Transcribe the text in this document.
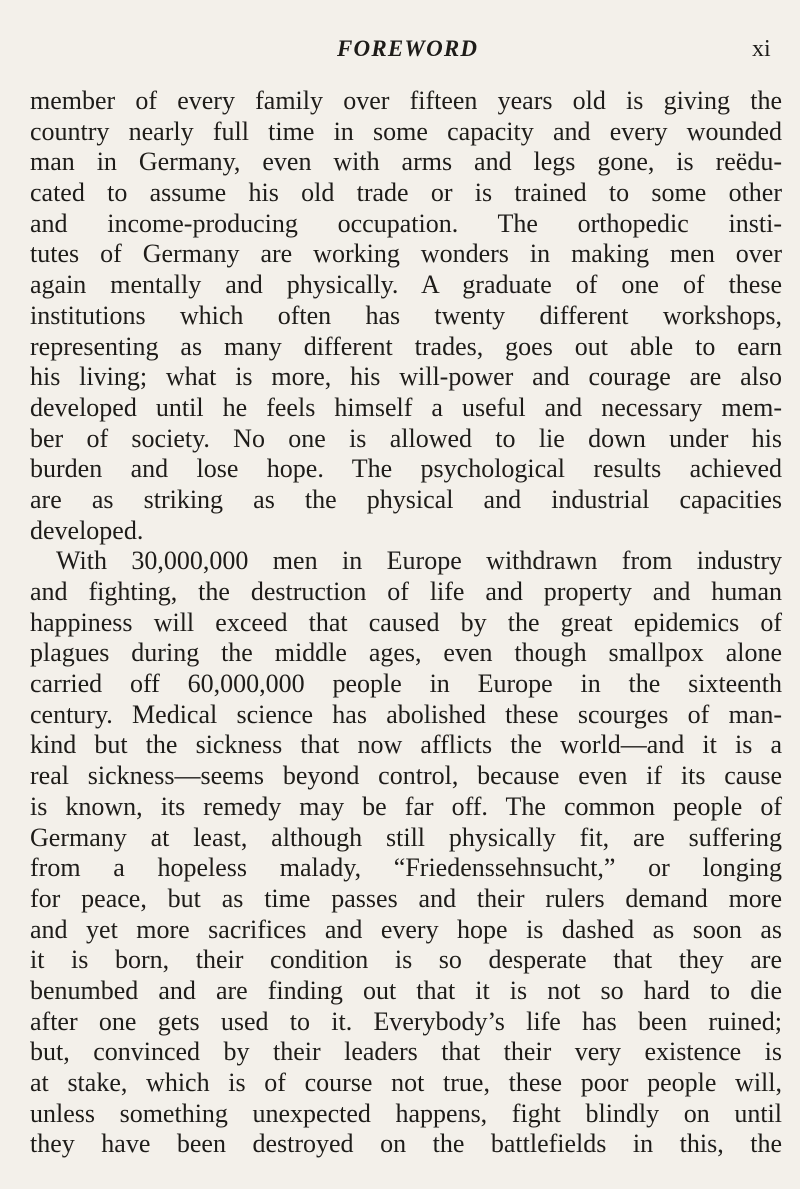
FOREWORD	xi
member of every family over fifteen years old is giving the
country nearly full time in some capacity and every wounded
man in Germany, even with arms and legs gone, is reëdu-
cated to assume his old trade or is trained to some other
and income-producing occupation. The orthopedic insti-
tutes of Germany are working wonders in making men over
again mentally and physically. A graduate of one of these
institutions which often has twenty different workshops,
representing as many different trades, goes out able to earn
his living; what is more, his will-power and courage are also
developed until he feels himself a useful and necessary mem-
ber of society. No one is allowed to lie down under his
burden and lose hope. The psychological results achieved
are as striking as the physical and industrial capacities
developed.
With 30,000,000 men in Europe withdrawn from industry
and fighting, the destruction of life and property and human
happiness will exceed that caused by the great epidemics of
plagues during the middle ages, even though smallpox alone
carried off 60,000,000 people in Europe in the sixteenth
century. Medical science has abolished these scourges of man-
kind but the sickness that now afflicts the world—and it is a
real sickness—seems beyond control, because even if its cause
is known, its remedy may be far off. The common people of
Germany at least, although still physically fit, are suffering
from a hopeless malady, “Friedenssehnsucht,” or longing
for peace, but as time passes and their rulers demand more
and yet more sacrifices and every hope is dashed as soon as
it is born, their condition is so desperate that they are
benumbed and are finding out that it is not so hard to die
after one gets used to it. Everybody’s life has been ruined;
but, convinced by their leaders that their very existence is
at stake, which is of course not true, these poor people will,
unless something unexpected happens, fight blindly on until
they have been destroyed on the battlefields in this, the
